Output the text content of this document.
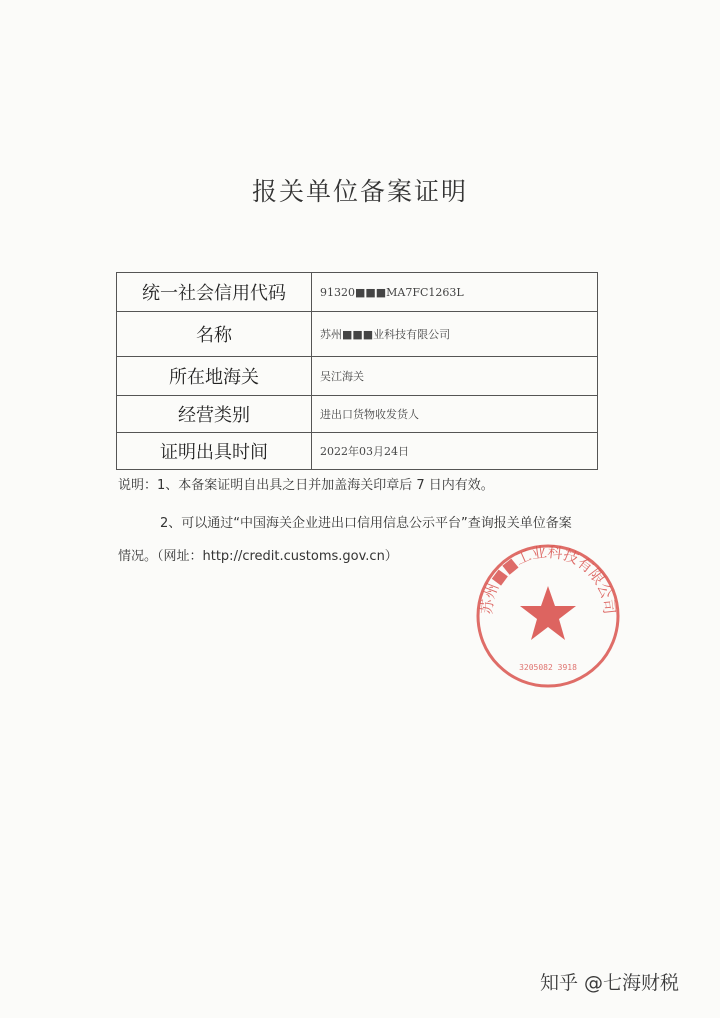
报关单位备案证明
统一社会信用代码	91320■■■MA7FC1263L
名称	苏州■■■业科技有限公司
所在地海关	吴江海关
经营类别	进出口货物收发货人
证明出具时间	2022年03月24日
说明：1、本备案证明自出具之日并加盖海关印章后 7 日内有效。
2、可以通过“中国海关企业进出口信用信息公示平台”查询报关单位备案
情况。（网址：http://credit.customs.gov.cn）
苏州■■工业科技有限公司
3205082 3918
知乎 @七海财税
